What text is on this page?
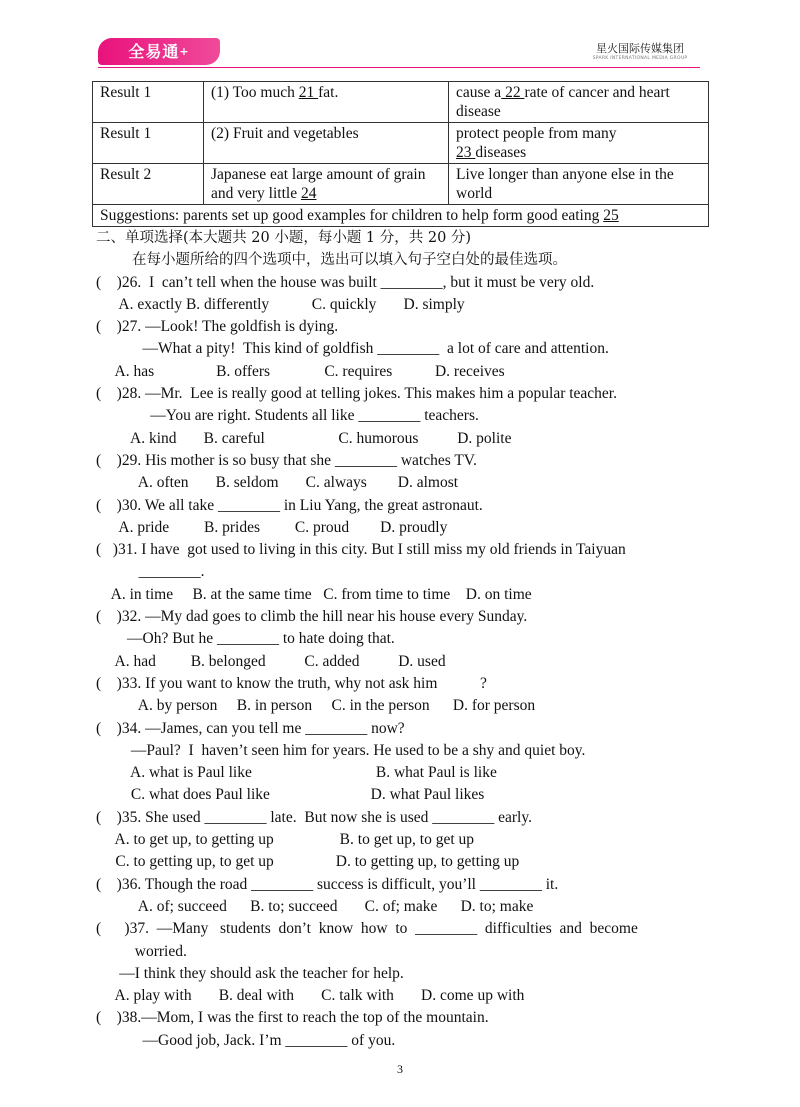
全易通+	星火国际传媒集团
SPARK INTERNATIONAL MEDIA GROUP
Result 1	(1) Too much 21 fat.	cause a 22 rate of cancer and heart disease
Result 1	(2) Fruit and vegetables	protect people from many
23 diseases
Result 2	Japanese eat large amount of grain and very little 24	Live longer than anyone else in the world
Suggestions: parents set up good examples for children to help form good eating 25		
二、单项选择(本大题共 20 小题，每小题 1 分，共 20 分)
在每小题所给的四个选项中，选出可以填入句子空白处的最佳选项。
(    )26.  I  can’t tell when the house was built ________, but it must be very old.
A. exactly B. differently           C. quickly       D. simply
(    )27. —Look! The goldfish is dying.
—What a pity!  This kind of goldfish ________  a lot of care and attention.
A. has                B. offers              C. requires           D. receives
(    )28. —Mr.  Lee is really good at telling jokes. This makes him a popular teacher.
—You are right. Students all like ________ teachers.
A. kind       B. careful                   C. humorous          D. polite
(    )29. His mother is so busy that she ________ watches TV.
A. often       B. seldom       C. always        D. almost
(    )30. We all take ________ in Liu Yang, the great astronaut.
A. pride         B. prides         C. proud        D. proudly
(   )31. I have  got used to living in this city. But I still miss my old friends in Taiyuan
________.
A. in time     B. at the same time   C. from time to time    D. on time
(    )32. —My dad goes to climb the hill near his house every Sunday.
—Oh? But he ________ to hate doing that.
A. had         B. belonged          C. added          D. used
(    )33. If you want to know the truth, why not ask him           ?
A. by person     B. in person     C. in the person      D. for person
(    )34. —James, can you tell me ________ now?
—Paul?  I  haven’t seen him for years. He used to be a shy and quiet boy.
A. what is Paul like                                B. what Paul is like
C. what does Paul like                          D. what Paul likes
(    )35. She used ________ late.  But now she is used ________ early.
A. to get up, to getting up                 B. to get up, to get up
C. to getting up, to get up                D. to getting up, to getting up
(    )36. Though the road ________ success is difficult, you’ll ________ it.
A. of; succeed      B. to; succeed       C. of; make      D. to; make
(      )37.  —Many   students  don’t  know  how  to  ________  difficulties  and  become
worried.
—I think they should ask the teacher for help.
A. play with       B. deal with       C. talk with       D. come up with
(    )38.—Mom, I was the first to reach the top of the mountain.
—Good job, Jack. I’m ________ of you.
3
